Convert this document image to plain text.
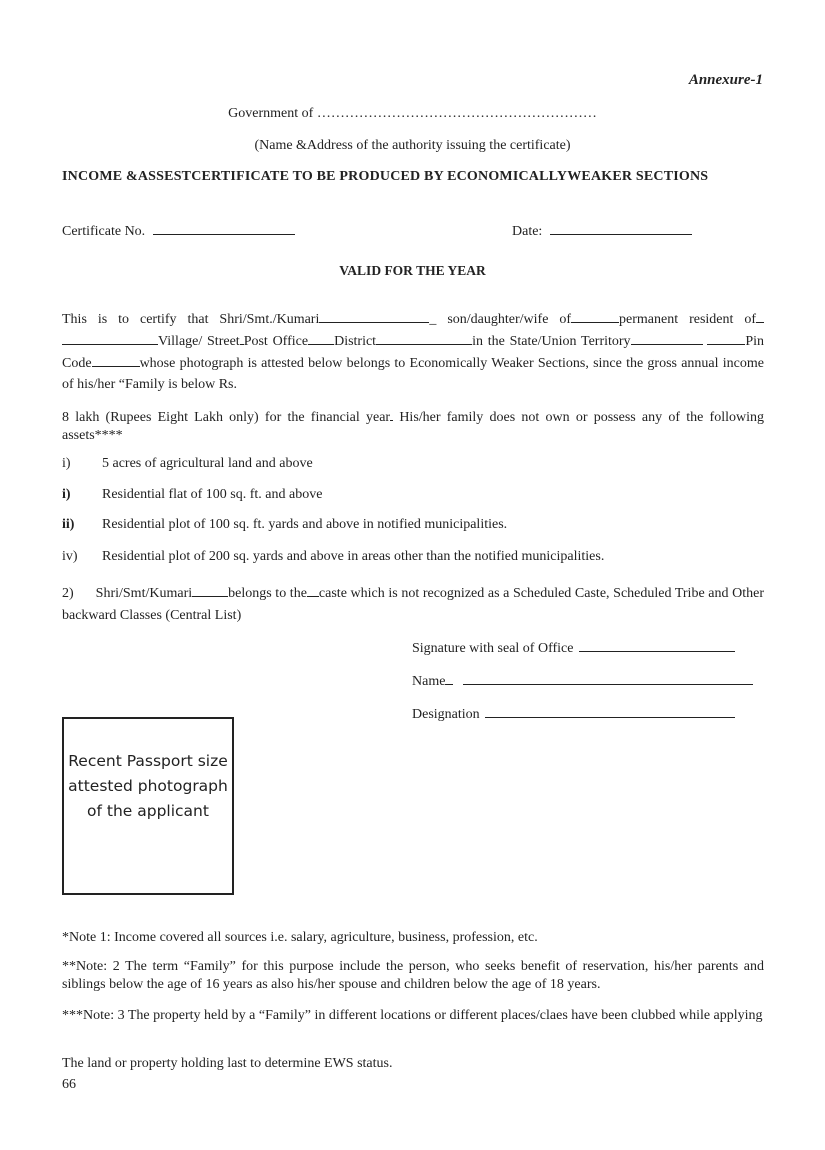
Annexure-1
Government of ……………………………………………………
(Name &Address of the authority issuing the certificate)
INCOME &ASSESTCERTIFICATE TO BE PRODUCED BY ECONOMICALLYWEAKER SECTIONS
Certificate No.	Date:
VALID FOR THE YEAR
This is to certify that Shri/Smt./Kumari	_ son/daughter/wife of	permanent resident of Village/ Street Post Office District	in the State/Union Territory	Pin Code	whose photograph is attested below belongs to Economically Weaker Sections, since the gross annual income of his/her “Family is below Rs.
8 lakh (Rupees Eight Lakh only) for the financial year His/her family does not own or possess any of the following assets****
i) 5 acres of agricultural land and above
i) Residential flat of 100 sq. ft. and above
ii) Residential plot of 100 sq. ft. yards and above in notified municipalities.
iv) Residential plot of 200 sq. yards and above in areas other than the notified municipalities.
2) Shri/Smt/Kumari	belongs to the caste which is not recognized as a Scheduled Caste, Scheduled Tribe and Other backward Classes (Central List)
Signature with seal of Office
Name
Designation
Recent Passport size attested photograph of the applicant
*Note 1: Income covered all sources i.e. salary, agriculture, business, profession, etc.
**Note: 2 The term “Family” for this purpose include the person, who seeks benefit of reservation, his/her parents and siblings below the age of 16 years as also his/her spouse and children below the age of 18 years.
***Note: 3 The property held by a “Family” in different locations or different places/claes have been clubbed while applying
The land or property holding last to determine EWS status.
66
